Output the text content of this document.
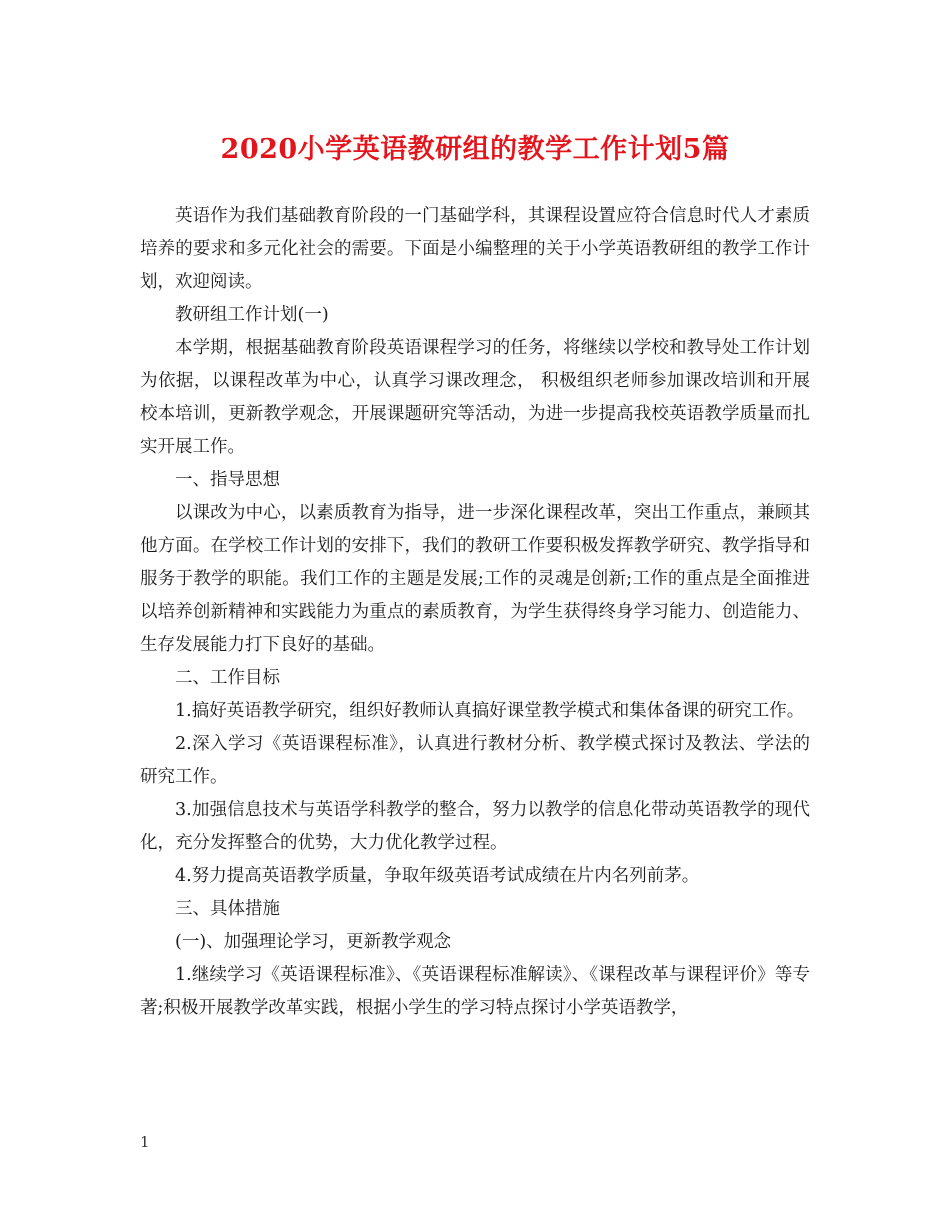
2020小学英语教研组的教学工作计划5篇

英语作为我们基础教育阶段的一门基础学科，其课程设置应符合信息时代人才素质培养的要求和多元化社会的需要。下面是小编整理的关于小学英语教研组的教学工作计划，欢迎阅读。

教研组工作计划(一)

本学期，根据基础教育阶段英语课程学习的任务，将继续以学校和教导处工作计划为依据，以课程改革为中心，认真学习课改理念， 积极组织老师参加课改培训和开展校本培训，更新教学观念，开展课题研究等活动，为进一步提高我校英语教学质量而扎实开展工作。

一、指导思想

以课改为中心，以素质教育为指导，进一步深化课程改革，突出工作重点，兼顾其他方面。在学校工作计划的安排下，我们的教研工作要积极发挥教学研究、教学指导和服务于教学的职能。我们工作的主题是发展;工作的灵魂是创新;工作的重点是全面推进以培养创新精神和实践能力为重点的素质教育，为学生获得终身学习能力、创造能力、生存发展能力打下良好的基础。

二、工作目标

1.搞好英语教学研究，组织好教师认真搞好课堂教学模式和集体备课的研究工作。

2.深入学习《英语课程标准》，认真进行教材分析、教学模式探讨及教法、学法的研究工作。

3.加强信息技术与英语学科教学的整合，努力以教学的信息化带动英语教学的现代化，充分发挥整合的优势，大力优化教学过程。

4.努力提高英语教学质量，争取年级英语考试成绩在片内名列前茅。

三、具体措施

(一)、加强理论学习，更新教学观念

1.继续学习《英语课程标准》、《英语课程标准解读》、《课程改革与课程评价》等专著;积极开展教学改革实践，根据小学生的学习特点探讨小学英语教学，

1
